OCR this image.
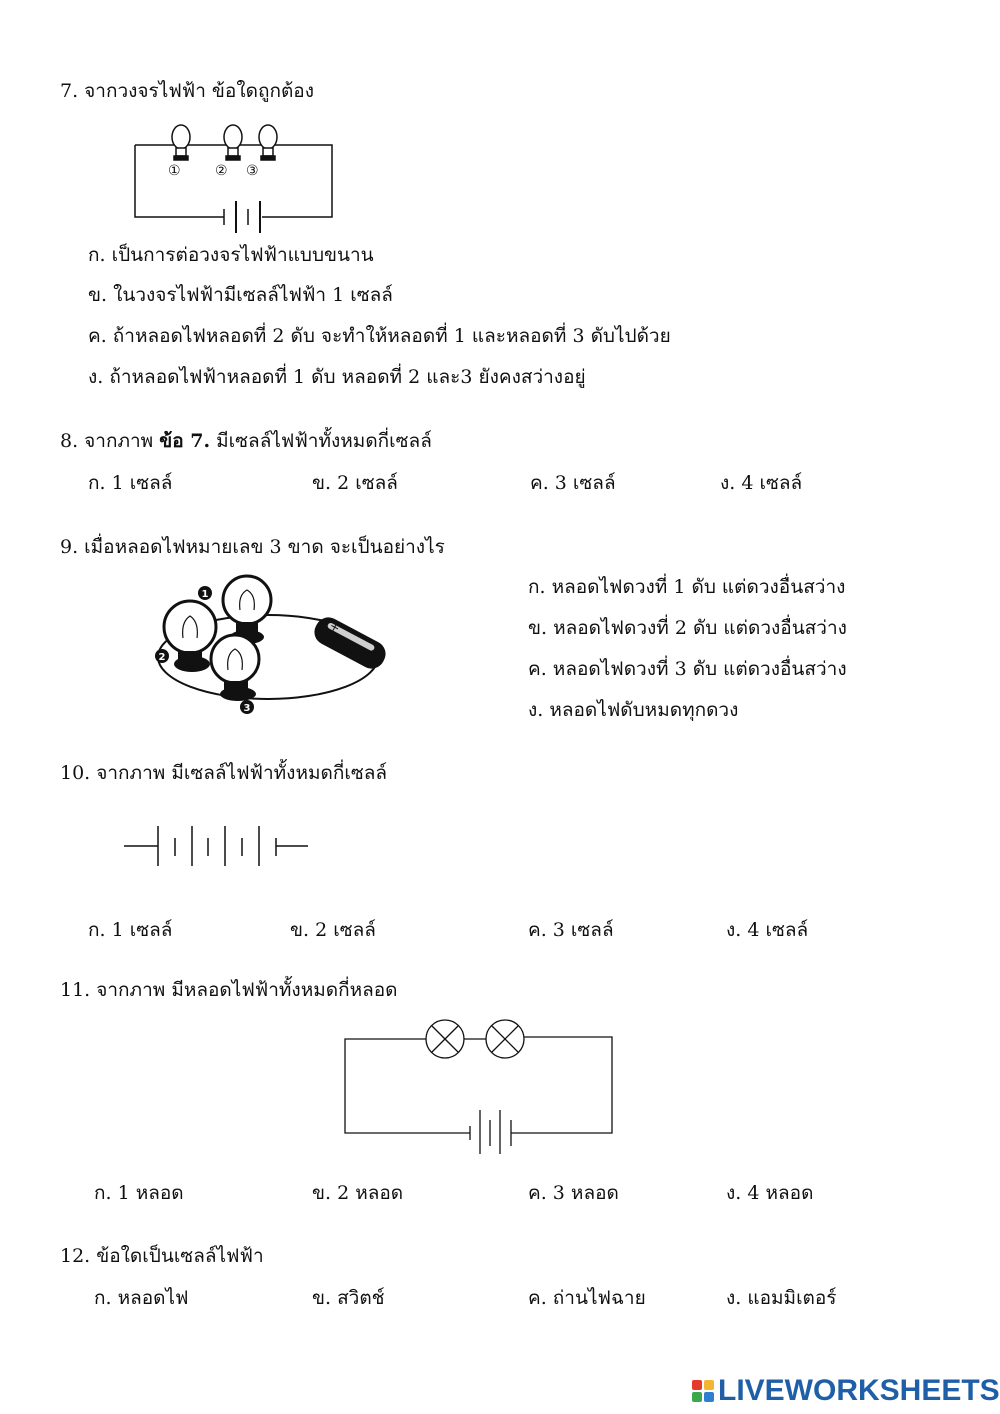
7. จากวงจรไฟฟ้า ข้อใดถูกต้อง
① ② ③
ก. เป็นการต่อวงจรไฟฟ้าแบบขนาน
ข. ในวงจรไฟฟ้ามีเซลล์ไฟฟ้า 1 เซลล์
ค. ถ้าหลอดไฟหลอดที่ 2 ดับ จะทำให้หลอดที่ 1 และหลอดที่ 3 ดับไปด้วย
ง. ถ้าหลอดไฟฟ้าหลอดที่ 1 ดับ หลอดที่ 2 และ3 ยังคงสว่างอยู่
8. จากภาพ ข้อ 7. มีเซลล์ไฟฟ้าทั้งหมดกี่เซลล์
ก. 1 เซลล์	ข. 2 เซลล์	ค. 3 เซลล์	ง. 4 เซลล์
9. เมื่อหลอดไฟหมายเลข 3 ขาด จะเป็นอย่างไร
+
1
2
3
ก. หลอดไฟดวงที่ 1 ดับ แต่ดวงอื่นสว่าง
ข. หลอดไฟดวงที่ 2 ดับ แต่ดวงอื่นสว่าง
ค. หลอดไฟดวงที่ 3 ดับ แต่ดวงอื่นสว่าง
ง. หลอดไฟดับหมดทุกดวง
10. จากภาพ มีเซลล์ไฟฟ้าทั้งหมดกี่เซลล์
ก. 1 เซลล์	ข. 2 เซลล์	ค. 3 เซลล์	ง. 4 เซลล์
11. จากภาพ มีหลอดไฟฟ้าทั้งหมดกี่หลอด
ก. 1 หลอด	ข. 2 หลอด	ค. 3 หลอด	ง. 4 หลอด
12. ข้อใดเป็นเซลล์ไฟฟ้า
ก. หลอดไฟ	ข. สวิตช์	ค. ถ่านไฟฉาย	ง. แอมมิเตอร์
LIVEWORKSHEETS
